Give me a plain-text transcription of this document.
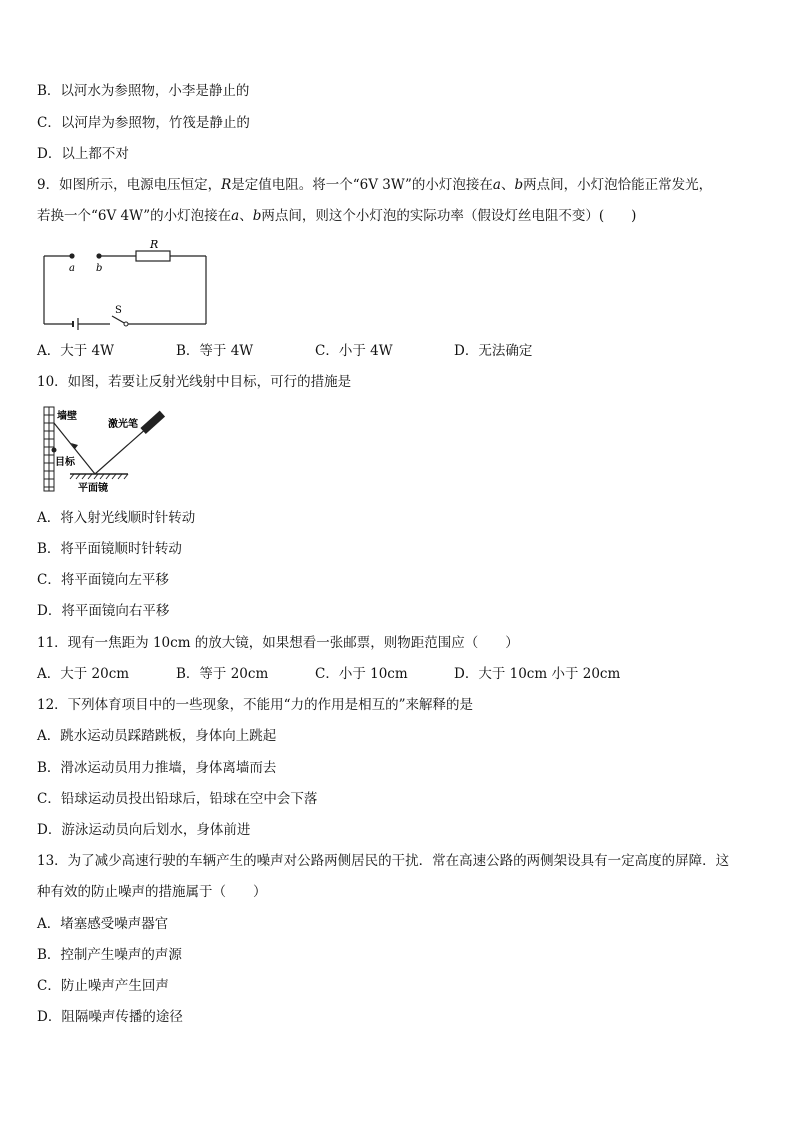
B．以河水为参照物，小李是静止的
C．以河岸为参照物，竹筏是静止的
D．以上都不对
9．如图所示，电源电压恒定，R是定值电阻。将一个“6V 3W”的小灯泡接在a、b两点间，小灯泡恰能正常发光，
若换一个“6V 4W”的小灯泡接在a、b两点间，则这个小灯泡的实际功率（假设灯丝电阻不变）(　　)
R
a b
S
A．大于 4W	B．等于 4W	C．小于 4W	D．无法确定
10．如图，若要让反射光线射中目标，可行的措施是
墙壁
激光笔
目标
平面镜
A．将入射光线顺时针转动
B．将平面镜顺时针转动
C．将平面镜向左平移
D．将平面镜向右平移
11．现有一焦距为 10cm 的放大镜，如果想看一张邮票，则物距范围应（　　）
A．大于 20cm	B．等于 20cm	C．小于 10cm	D．大于 10cm 小于 20cm
12．下列体育项目中的一些现象，不能用“力的作用是相互的”来解释的是
A．跳水运动员踩踏跳板，身体向上跳起
B．滑冰运动员用力推墙，身体离墙而去
C．铅球运动员投出铅球后，铅球在空中会下落
D．游泳运动员向后划水，身体前进
13．为了减少高速行驶的车辆产生的噪声对公路两侧居民的干扰．常在高速公路的两侧架设具有一定高度的屏障．这
种有效的防止噪声的措施属于（　　）
A．堵塞感受噪声器官
B．控制产生噪声的声源
C．防止噪声产生回声
D．阻隔噪声传播的途径
